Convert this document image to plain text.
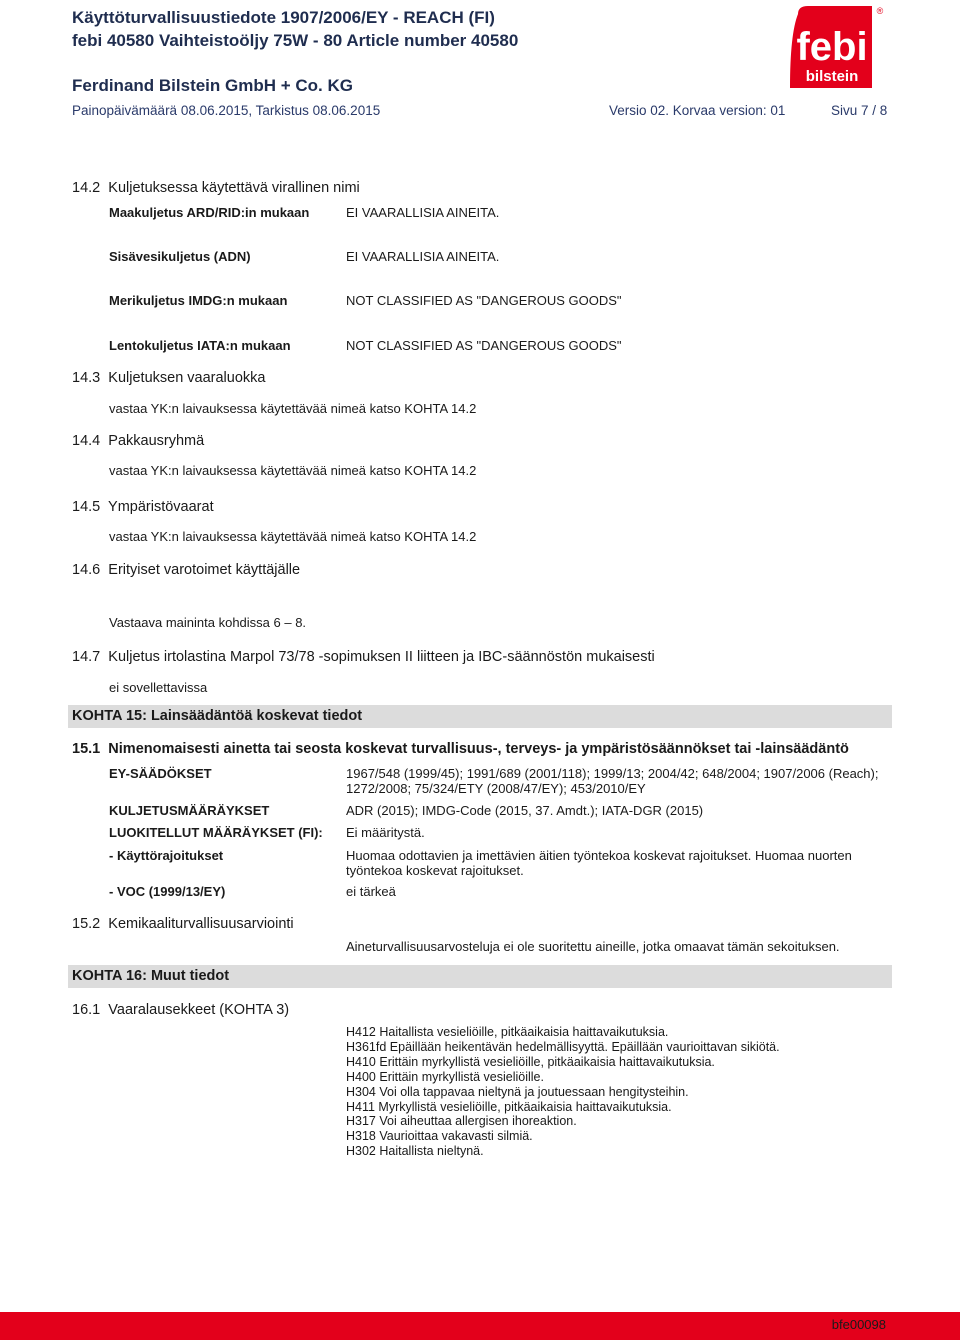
Käyttöturvallisuustiedote 1907/2006/EY - REACH (FI)
febi 40580 Vaihteistoöljy 75W - 80 Article number 40580
Ferdinand Bilstein GmbH + Co. KG
Painopäivämäärä 08.06.2015, Tarkistus 08.06.2015	Versio 02. Korvaa version: 01	Sivu 7 / 8
febi
bilstein
®
14.2 Kuljetuksessa käytettävä virallinen nimi
Maakuljetus ARD/RID:in mukaan	EI VAARALLISIA AINEITA.
Sisävesikuljetus (ADN)	EI VAARALLISIA AINEITA.
Merikuljetus IMDG:n mukaan	NOT CLASSIFIED AS "DANGEROUS GOODS"
Lentokuljetus IATA:n mukaan	NOT CLASSIFIED AS "DANGEROUS GOODS"
14.3 Kuljetuksen vaaraluokka
vastaa YK:n laivauksessa käytettävää nimeä katso KOHTA 14.2
14.4 Pakkausryhmä
vastaa YK:n laivauksessa käytettävää nimeä katso KOHTA 14.2
14.5 Ympäristövaarat
vastaa YK:n laivauksessa käytettävää nimeä katso KOHTA 14.2
14.6 Erityiset varotoimet käyttäjälle
Vastaava maininta kohdissa 6 – 8.
14.7 Kuljetus irtolastina Marpol 73/78 -sopimuksen II liitteen ja IBC-säännöstön mukaisesti
ei sovellettavissa
KOHTA 15: Lainsäädäntöä koskevat tiedot
15.1 Nimenomaisesti ainetta tai seosta koskevat turvallisuus-, terveys- ja ympäristösäännökset tai -lainsäädäntö
EY-SÄÄDÖKSET	1967/548 (1999/45); 1991/689 (2001/118); 1999/13; 2004/42; 648/2004; 1907/2006 (Reach);
1272/2008; 75/324/ETY (2008/47/EY); 453/2010/EY
KULJETUSMÄÄRÄYKSET	ADR (2015); IMDG-Code (2015, 37. Amdt.); IATA-DGR (2015)
LUOKITELLUT MÄÄRÄYKSET (FI): Ei määritystä.
- Käyttörajoitukset	Huomaa odottavien ja imettävien äitien työntekoa koskevat rajoitukset. Huomaa nuorten
työntekoa koskevat rajoitukset.
- VOC (1999/13/EY)	ei tärkeä
15.2 Kemikaaliturvallisuusarviointi
Aineturvallisuusarvosteluja ei ole suoritettu aineille, jotka omaavat tämän sekoituksen.
KOHTA 16: Muut tiedot
16.1 Vaaralausekkeet (KOHTA 3)
H412 Haitallista vesieliöille, pitkäaikaisia haittavaikutuksia.
H361fd Epäillään heikentävän hedelmällisyyttä. Epäillään vaurioittavan sikiötä.
H410 Erittäin myrkyllistä vesieliöille, pitkäaikaisia haittavaikutuksia.
H400 Erittäin myrkyllistä vesieliöille.
H304 Voi olla tappavaa nieltynä ja joutuessaan hengitysteihin.
H411 Myrkyllistä vesieliöille, pitkäaikaisia haittavaikutuksia.
H317 Voi aiheuttaa allergisen ihoreaktion.
H318 Vaurioittaa vakavasti silmiä.
H302 Haitallista nieltynä.
bfe00098
